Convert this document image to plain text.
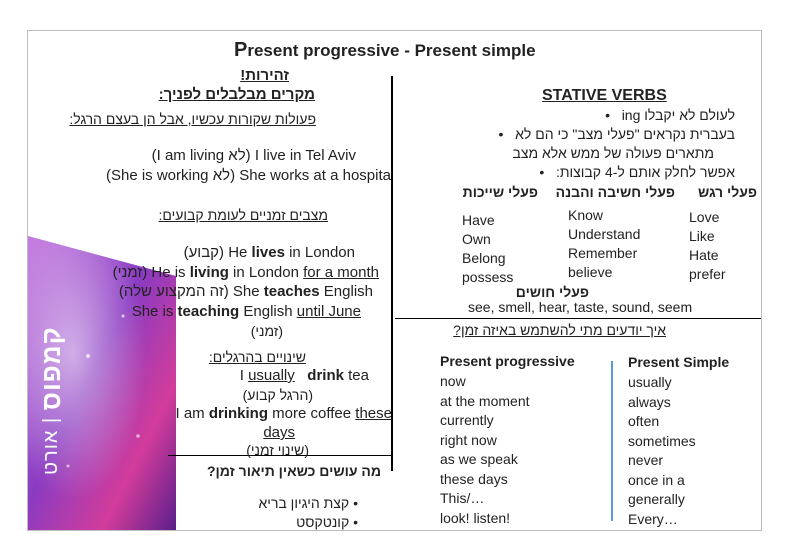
קמפוס | אורט
Present progressive - Present simple
זהירות!
מקרים מבלבלים לפניך:
פעולות שקורות עכשיו, אבל הן בעצם הרגל:
(I am living לא) I live in Tel Aviv
(She is working לא) She works at a hospita
מצבים זמניים לעומת קבועים:
(קבוע) He lives in London
(זמני) He is living in London for a month
(זה המקצוע שלה) She teaches English
She is teaching English until June
(זמני)
שינויים בהרגלים:
I usually drink tea
(הרגל קבוע)
I am drinking more coffee these
days
(שינוי זמני)
מה עושים כשאין תיאור זמן?
• קצת היגיון בריא
• קונטקסט
STATIVE VERBS
לעולם לא יקבלו ing   •
בעברית נקראים "פעלי מצב" כי הם לא   •
מתארים פעולה של ממש אלא מצב
אפשר לחלק אותם ל-4 קבוצות:   •
פעלי רגש
פעלי חשיבה והבנה
פעלי שייכות
Love
Like
Hate
prefer
Know
Understand
Remember
believe
Have
Own
Belong
possess
פעלי חושים
see, smell, hear, taste, sound, seem
איך יודעים מתי להשתמש באיזה זמן?
Present progressive
now
at the moment
currently
right now
as we speak
these days
This/…
look! listen!
Present Simple
usually
always
often
sometimes
never
once in a
generally
Every…
